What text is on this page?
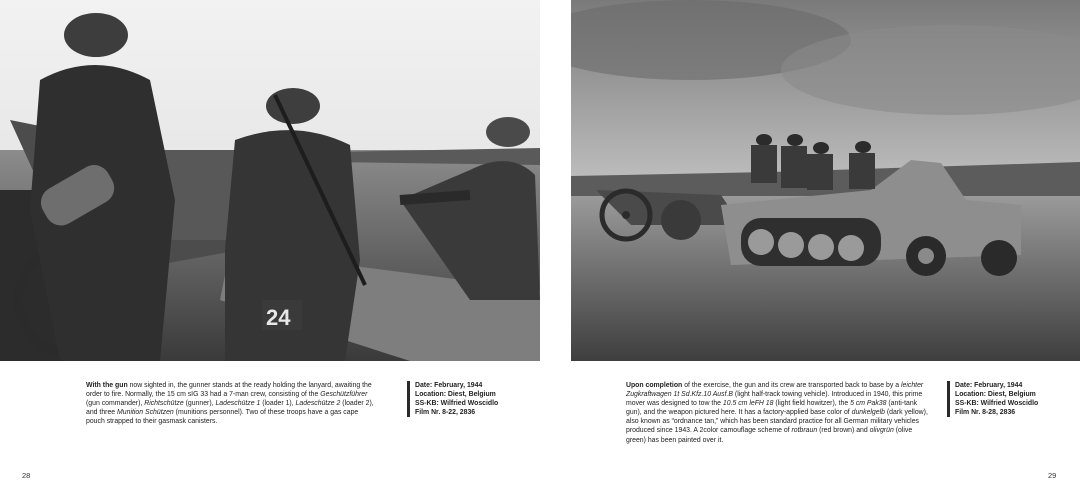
24
With the gun now sighted in, the gunner stands at the ready holding the lanyard, awaiting the order to fire. Normally, the 15 cm sIG 33 had a 7-man crew, consisting of the Geschützführer (gun commander), Richtschütze (gunner), Ladeschütze 1 (loader 1), Ladeschütze 2 (loader 2), and three Munition Schützen (munitions personnel). Two of these troops have a gas cape pouch strapped to their gasmask canisters.
Date: February, 1944
Location: Diest, Belgium
SS-KB: Wilfried Woscidlo
Film Nr. 8-22, 2836
Upon completion of the exercise, the gun and its crew are transported back to base by a leichter Zugkraftwagen 1t Sd.Kfz.10 Ausf.B (light half-track towing vehicle). Introduced in 1940, this prime mover was designed to tow the 10.5 cm leFH 18 (light field howitzer), the 5 cm Pak38 (anti-tank gun), and the weapon pictured here. It has a factory-applied base color of dunkelgelb (dark yellow), also known as “ordnance tan,” which has been standard practice for all German military vehicles produced since 1943. A 2color camouflage scheme of rotbraun (red brown) and olivgrün (olive green) has been painted over it.
Date: February, 1944
Location: Diest, Belgium
SS-KB: Wilfried Woscidlo
Film Nr. 8-28, 2836
28	29
